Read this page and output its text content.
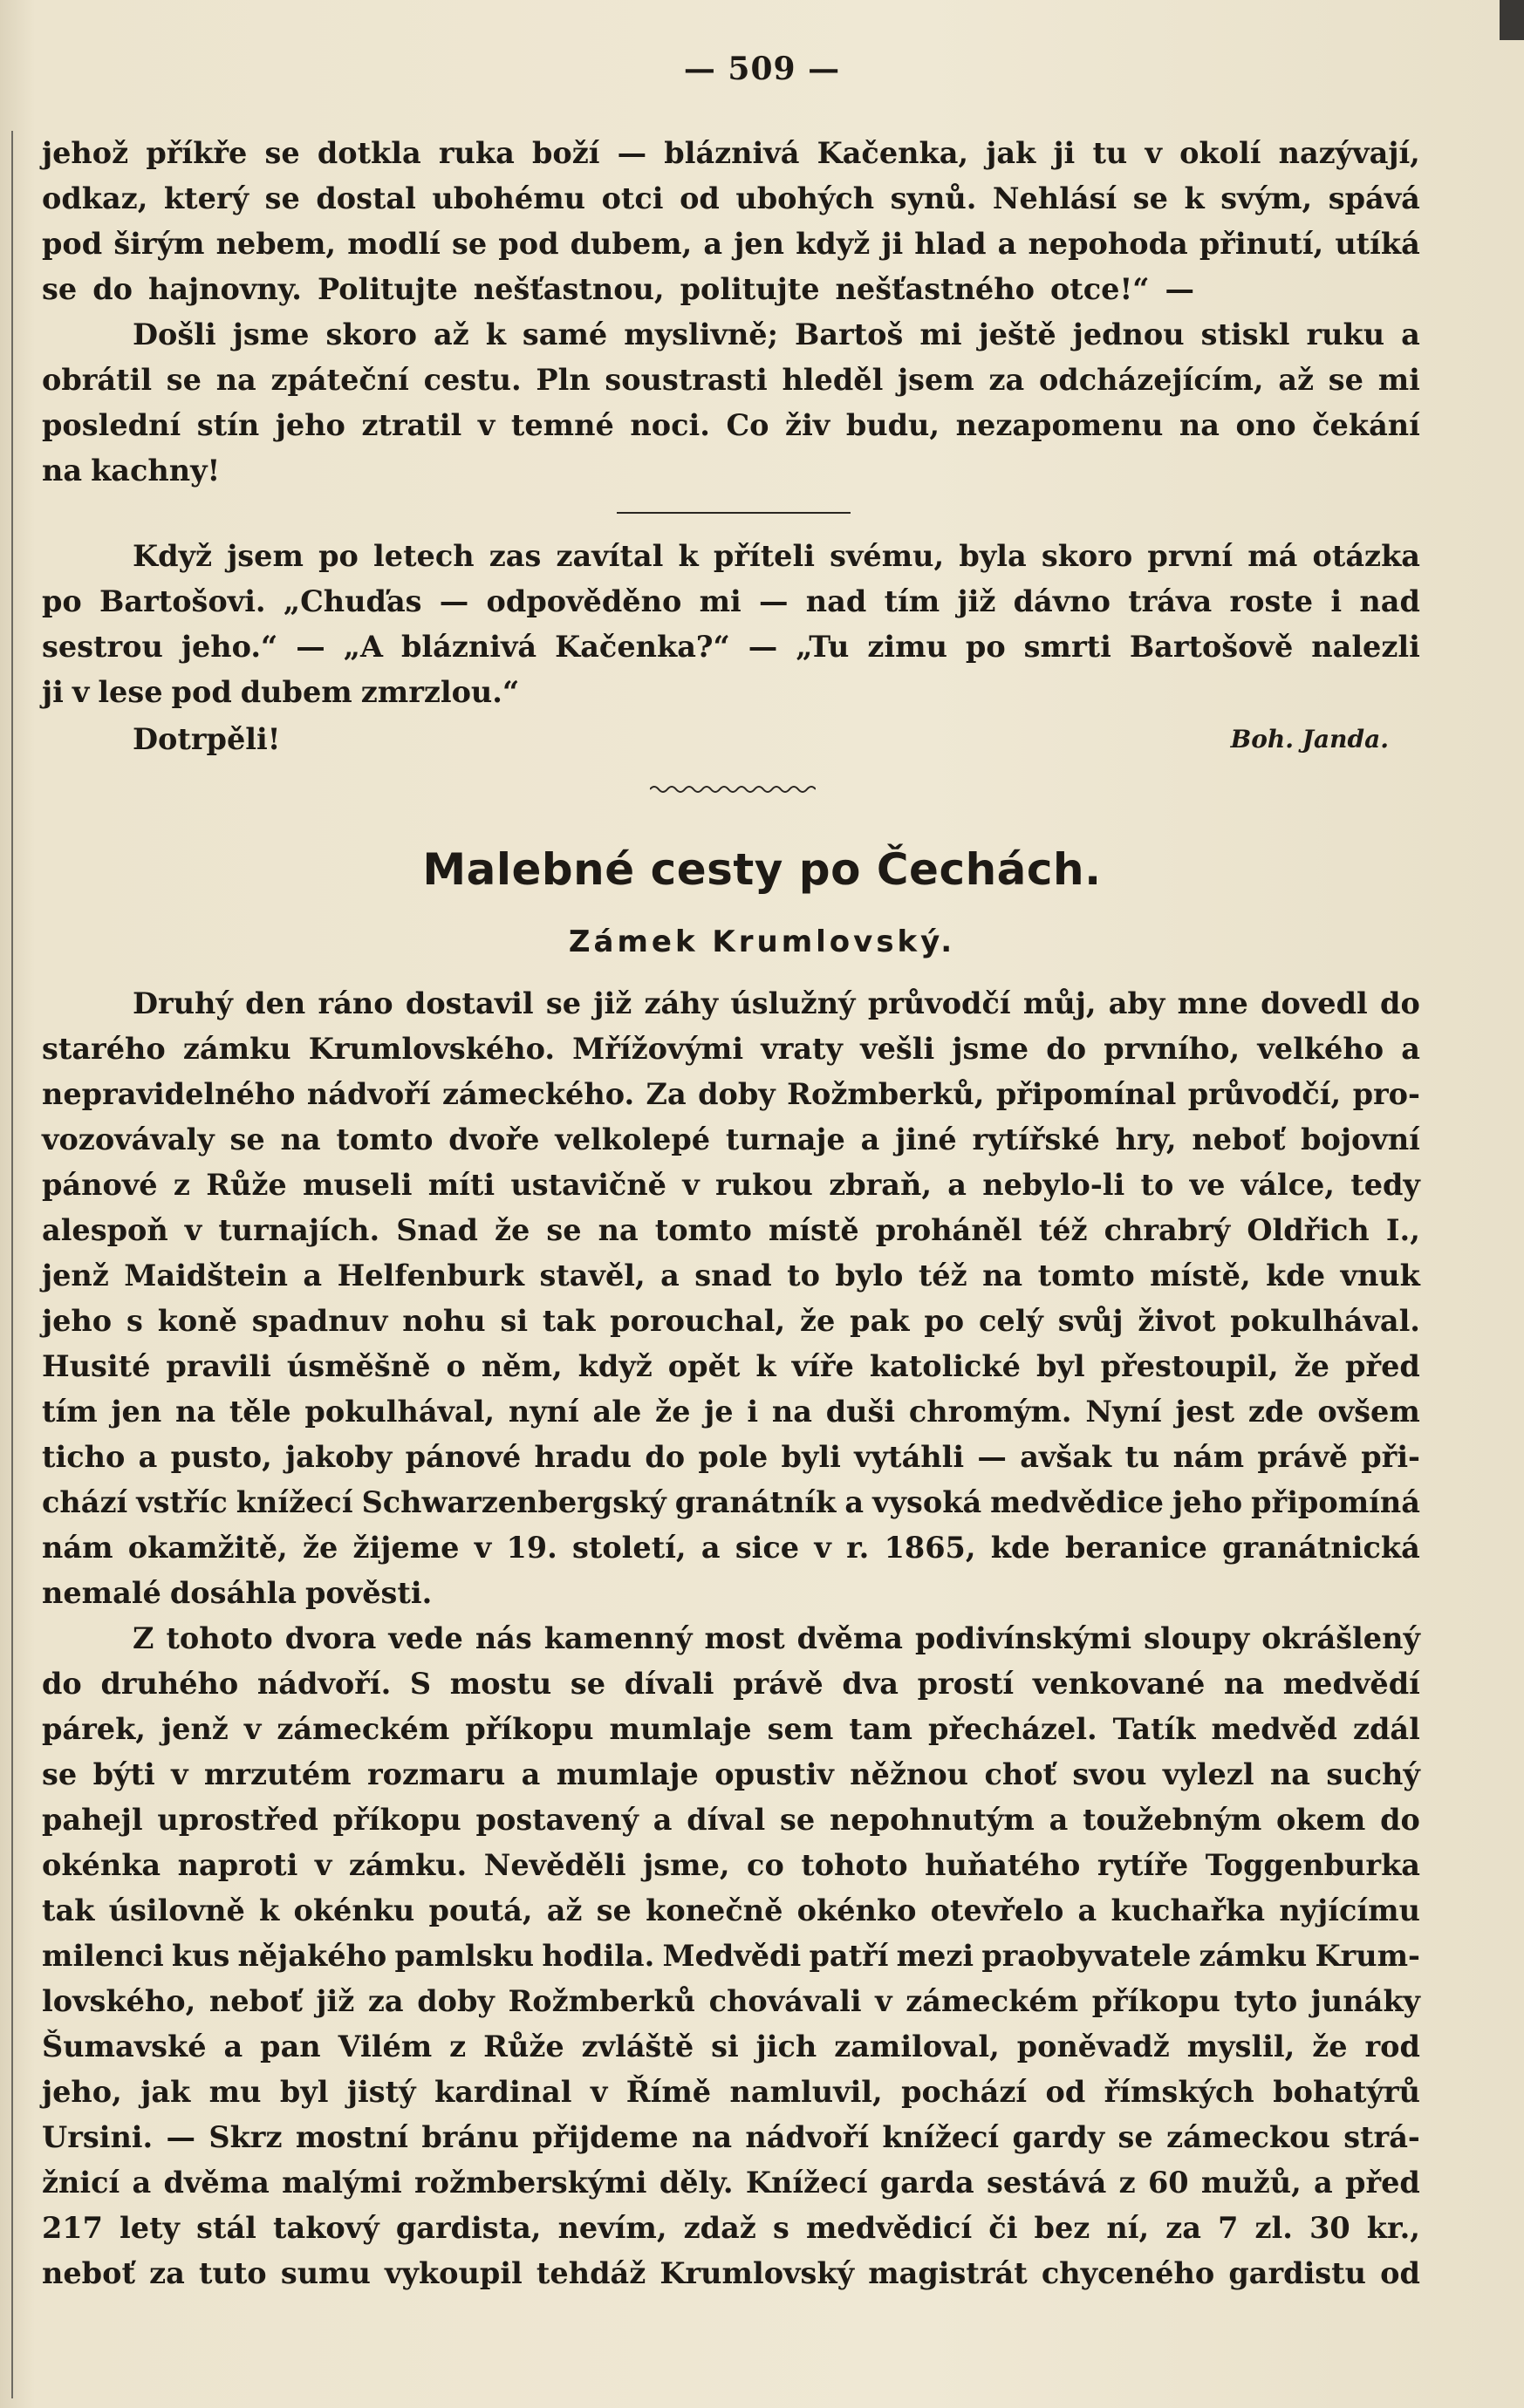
— 509 —
jehož příkře se dotkla ruka boží — bláznivá Kačenka, jak ji tu v okolí nazývají,
odkaz, který se dostal ubohému otci od ubohých synů. Nehlásí se k svým, spává
pod širým nebem, modlí se pod dubem, a jen když ji hlad a nepohoda přinutí, utíká
se do hajnovny. Politujte nešťastnou, politujte nešťastného otce!“ —
Došli jsme skoro až k samé myslivně; Bartoš mi ještě jednou stiskl ruku a
obrátil se na zpáteční cestu. Pln soustrasti hleděl jsem za odcházejícím, až se mi
poslední stín jeho ztratil v temné noci. Co živ budu, nezapomenu na ono čekání
na kachny!
Když jsem po letech zas zavítal k příteli svému, byla skoro první má otázka
po Bartošovi. „Chuďas — odpověděno mi — nad tím již dávno tráva roste i nad
sestrou jeho.“ — „A bláznivá Kačenka?“ — „Tu zimu po smrti Bartošově nalezli
ji v lese pod dubem zmrzlou.“
Dotrpěli!	Boh. Janda.
Malebné cesty po Čechách.
Zámek Krumlovský.
Druhý den ráno dostavil se již záhy úslužný průvodčí můj, aby mne dovedl do
starého zámku Krumlovského. Mřížovými vraty vešli jsme do prvního, velkého a
nepravidelného nádvoří zámeckého. Za doby Rožmberků, připomínal průvodčí, pro-
vozovávaly se na tomto dvoře velkolepé turnaje a jiné rytířské hry, neboť bojovní
pánové z Růže museli míti ustavičně v rukou zbraň, a nebylo-li to ve válce, tedy
alespoň v turnajích. Snad že se na tomto místě proháněl též chrabrý Oldřich I.,
jenž Maidštein a Helfenburk stavěl, a snad to bylo též na tomto místě, kde vnuk
jeho s koně spadnuv nohu si tak porouchal, že pak po celý svůj život pokulhával.
Husité pravili úsměšně o něm, když opět k víře katolické byl přestoupil, že před
tím jen na těle pokulhával, nyní ale že je i na duši chromým. Nyní jest zde ovšem
ticho a pusto, jakoby pánové hradu do pole byli vytáhli — avšak tu nám právě při-
chází vstříc knížecí Schwarzenbergský granátník a vysoká medvědice jeho připomíná
nám okamžitě, že žijeme v 19. století, a sice v r. 1865, kde beranice granátnická
nemalé dosáhla pověsti.
Z tohoto dvora vede nás kamenný most dvěma podivínskými sloupy okrášlený
do druhého nádvoří. S mostu se dívali právě dva prostí venkované na medvědí
párek, jenž v zámeckém příkopu mumlaje sem tam přecházel. Tatík medvěd zdál
se býti v mrzutém rozmaru a mumlaje opustiv něžnou choť svou vylezl na suchý
pahejl uprostřed příkopu postavený a díval se nepohnutým a toužebným okem do
okénka naproti v zámku. Nevěděli jsme, co tohoto huňatého rytíře Toggenburka
tak úsilovně k okénku poutá, až se konečně okénko otevřelo a kuchařka nyjícímu
milenci kus nějakého pamlsku hodila. Medvědi patří mezi praobyvatele zámku Krum-
lovského, neboť již za doby Rožmberků chovávali v zámeckém příkopu tyto junáky
Šumavské a pan Vilém z Růže zvláště si jich zamiloval, poněvadž myslil, že rod
jeho, jak mu byl jistý kardinal v Římě namluvil, pochází od římských bohatýrů
Ursini. — Skrz mostní bránu přijdeme na nádvoří knížecí gardy se zámeckou strá-
žnicí a dvěma malými rožmberskými děly. Knížecí garda sestává z 60 mužů, a před
217 lety stál takový gardista, nevím, zdaž s medvědicí či bez ní, za 7 zl. 30 kr.,
neboť za tuto sumu vykoupil tehdáž Krumlovský magistrát chyceného gardistu od
